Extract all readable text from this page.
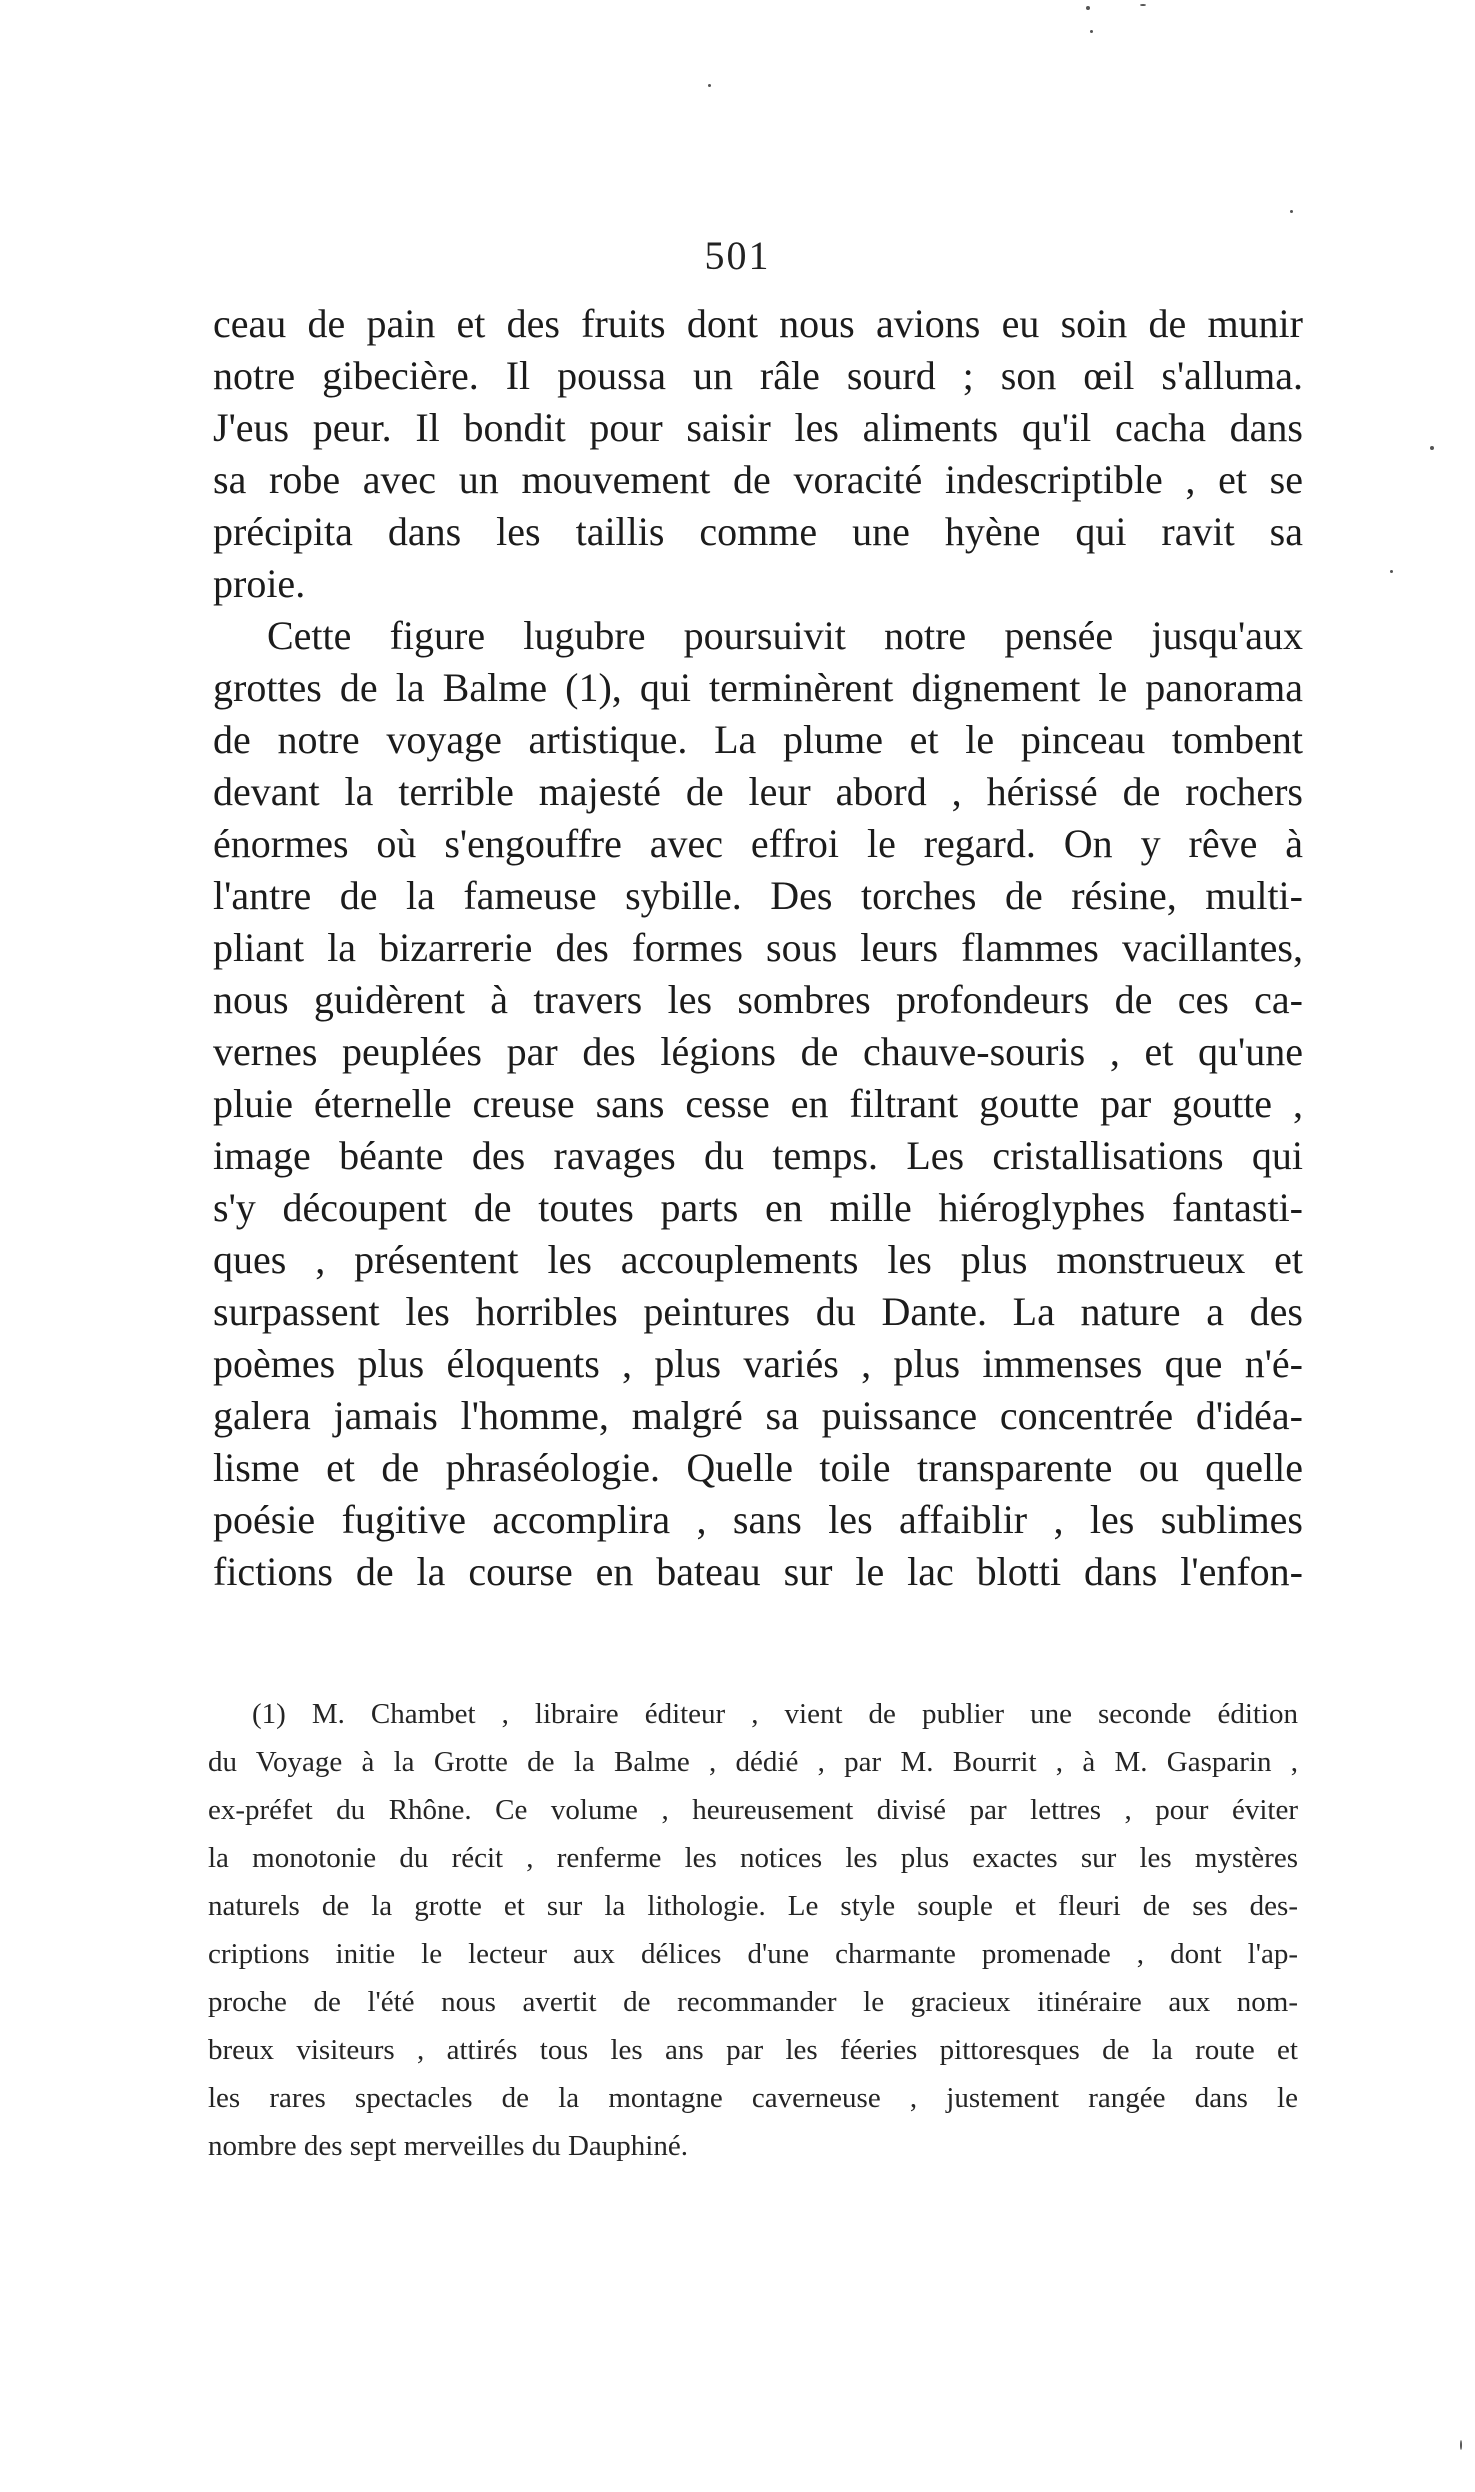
501
ceau de pain et des fruits dont nous avions eu soin de munir
notre gibecière. Il poussa un râle sourd ; son œil s'alluma.
J'eus peur. Il bondit pour saisir les aliments qu'il cacha dans
sa robe avec un mouvement de voracité indescriptible , et se
précipita dans les taillis comme une hyène qui ravit sa
proie.
Cette figure lugubre poursuivit notre pensée jusqu'aux
grottes de la Balme (1), qui terminèrent dignement le panorama
de notre voyage artistique. La plume et le pinceau tombent
devant la terrible majesté de leur abord , hérissé de rochers
énormes où s'engouffre avec effroi le regard. On y rêve à
l'antre de la fameuse sybille. Des torches de résine, multi-
pliant la bizarrerie des formes sous leurs flammes vacillantes,
nous guidèrent à travers les sombres profondeurs de ces ca-
vernes peuplées par des légions de chauve-souris , et qu'une
pluie éternelle creuse sans cesse en filtrant goutte par goutte ,
image béante des ravages du temps. Les cristallisations qui
s'y découpent de toutes parts en mille hiéroglyphes fantasti-
ques , présentent les accouplements les plus monstrueux et
surpassent les horribles peintures du Dante. La nature a des
poèmes plus éloquents , plus variés , plus immenses que n'é-
galera jamais l'homme, malgré sa puissance concentrée d'idéa-
lisme et de phraséologie. Quelle toile transparente ou quelle
poésie fugitive accomplira , sans les affaiblir , les sublimes
fictions de la course en bateau sur le lac blotti dans l'enfon-
(1) M. Chambet , libraire éditeur , vient de publier une seconde édition
du Voyage à la Grotte de la Balme , dédié , par M. Bourrit , à M. Gasparin ,
ex-préfet du Rhône. Ce volume , heureusement divisé par lettres , pour éviter
la monotonie du récit , renferme les notices les plus exactes sur les mystères
naturels de la grotte et sur la lithologie. Le style souple et fleuri de ses des-
criptions initie le lecteur aux délices d'une charmante promenade , dont l'ap-
proche de l'été nous avertit de recommander le gracieux itinéraire aux nom-
breux visiteurs , attirés tous les ans par les féeries pittoresques de la route et
les rares spectacles de la montagne caverneuse , justement rangée dans le
nombre des sept merveilles du Dauphiné.
